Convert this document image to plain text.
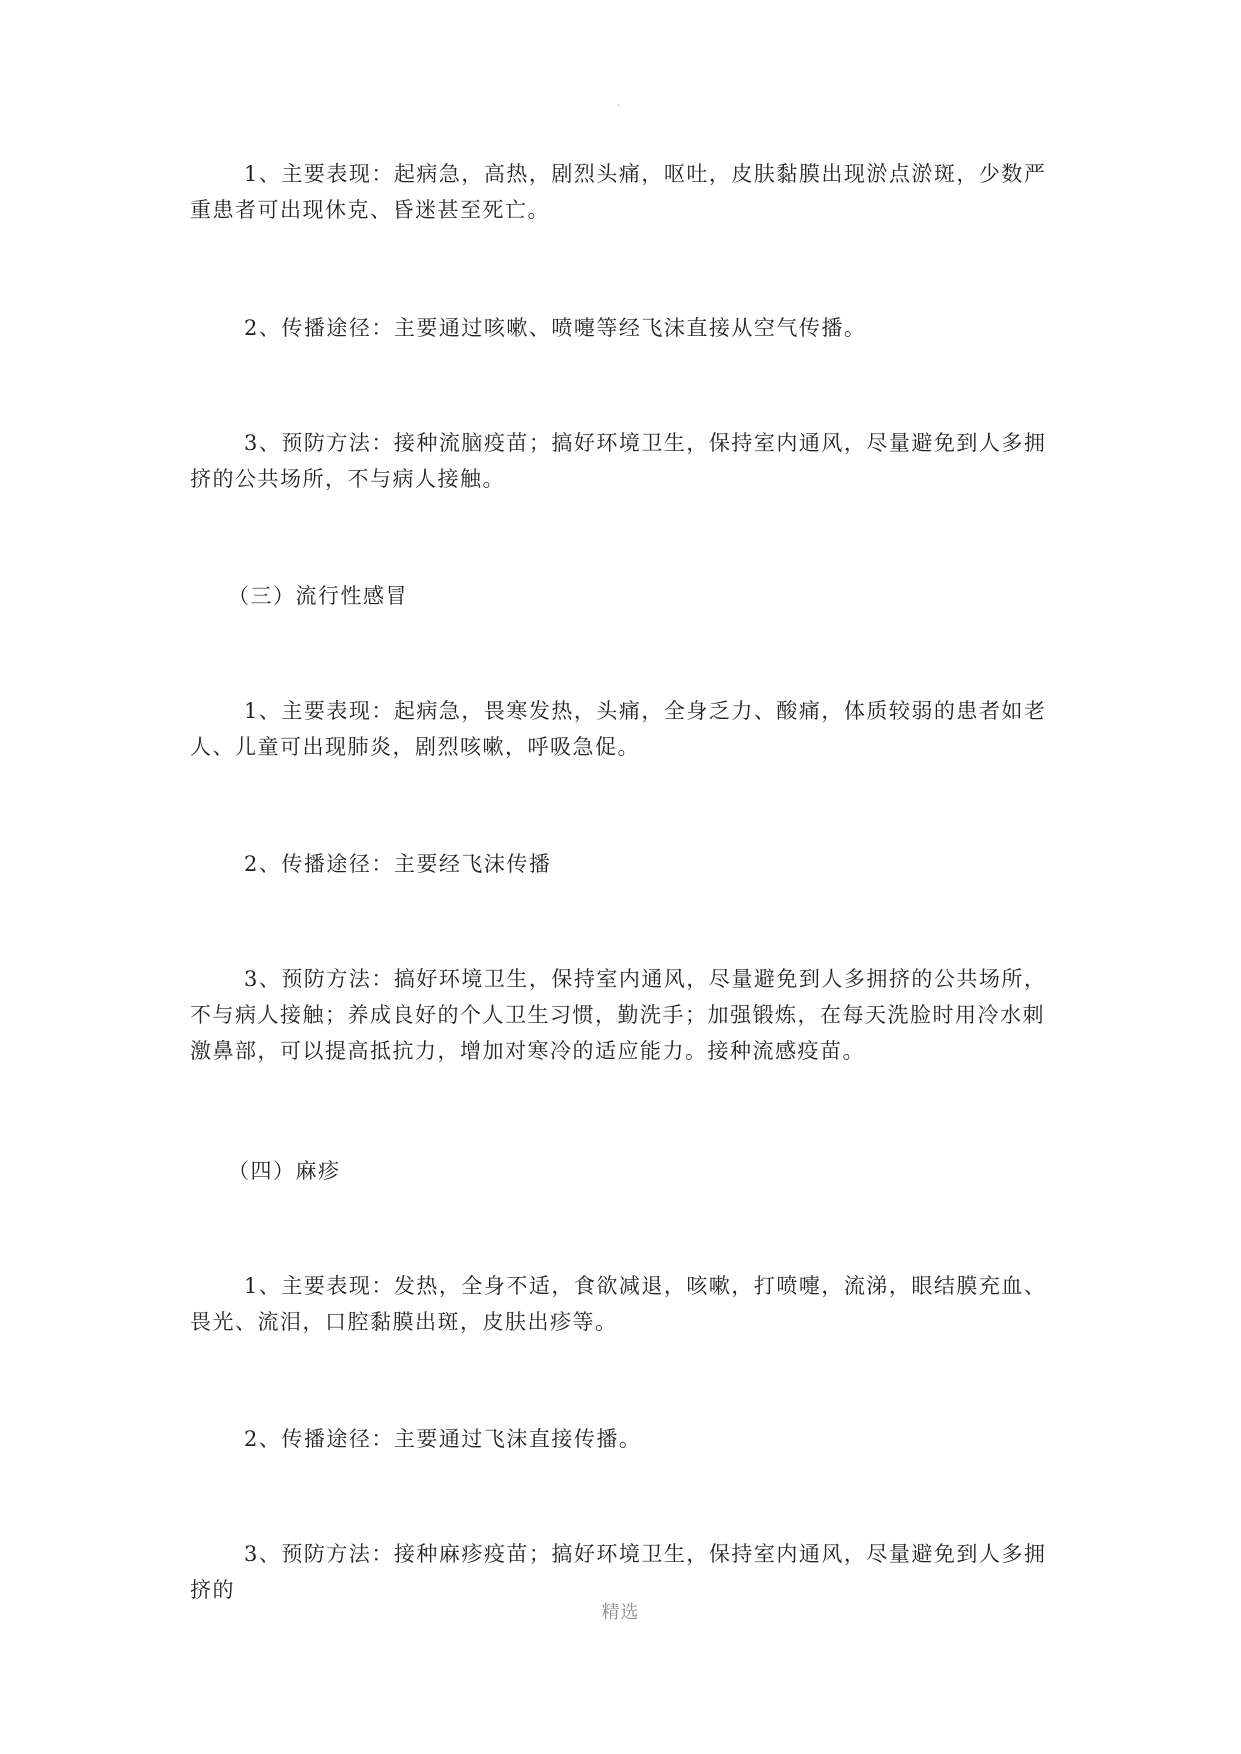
.

1、主要表现：起病急，高热，剧烈头痛，呕吐，皮肤黏膜出现淤点淤斑，少数严重患者可出现休克、昏迷甚至死亡。

2、传播途径：主要通过咳嗽、喷嚏等经飞沫直接从空气传播。

3、预防方法：接种流脑疫苗；搞好环境卫生，保持室内通风，尽量避免到人多拥挤的公共场所，不与病人接触。

（三）流行性感冒

1、主要表现：起病急，畏寒发热，头痛，全身乏力、酸痛，体质较弱的患者如老人、儿童可出现肺炎，剧烈咳嗽，呼吸急促。

2、传播途径：主要经飞沫传播

3、预防方法：搞好环境卫生，保持室内通风，尽量避免到人多拥挤的公共场所，不与病人接触；养成良好的个人卫生习惯，勤洗手；加强锻炼，在每天洗脸时用冷水刺激鼻部，可以提高抵抗力，增加对寒冷的适应能力。接种流感疫苗。

（四）麻疹

1、主要表现：发热，全身不适，食欲减退，咳嗽，打喷嚏，流涕，眼结膜充血、畏光、流泪，口腔黏膜出斑，皮肤出疹等。

2、传播途径：主要通过飞沫直接传播。

3、预防方法：接种麻疹疫苗；搞好环境卫生，保持室内通风，尽量避免到人多拥挤的

精选
